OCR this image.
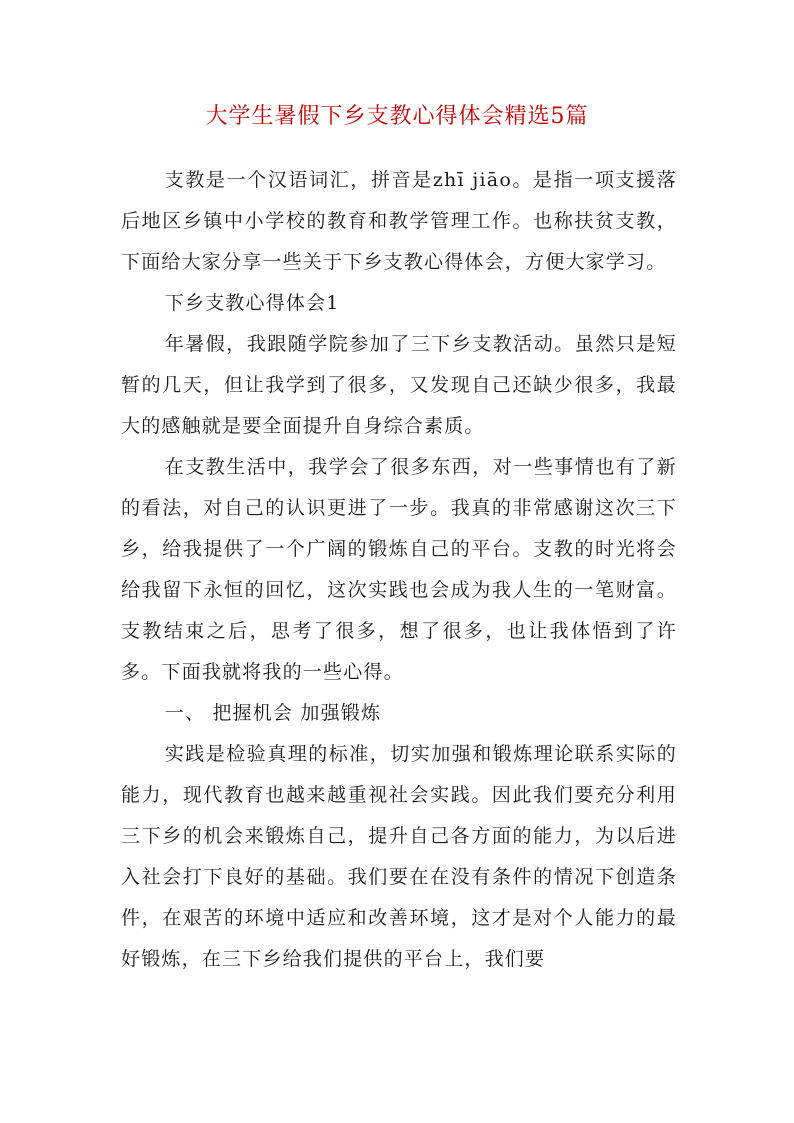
大学生暑假下乡支教心得体会精选5篇

支教是一个汉语词汇，拼音是zhī jiāo。是指一项支援落后地区乡镇中小学校的教育和教学管理工作。也称扶贫支教，下面给大家分享一些关于下乡支教心得体会，方便大家学习。

下乡支教心得体会1

年暑假，我跟随学院参加了三下乡支教活动。虽然只是短暂的几天，但让我学到了很多，又发现自己还缺少很多，我最大的感触就是要全面提升自身综合素质。

在支教生活中，我学会了很多东西，对一些事情也有了新的看法，对自己的认识更进了一步。我真的非常感谢这次三下乡，给我提供了一个广阔的锻炼自己的平台。支教的时光将会给我留下永恒的回忆，这次实践也会成为我人生的一笔财富。支教结束之后，思考了很多，想了很多，也让我体悟到了许多。下面我就将我的一些心得。

一、 把握机会 加强锻炼

实践是检验真理的标准，切实加强和锻炼理论联系实际的能力，现代教育也越来越重视社会实践。因此我们要充分利用三下乡的机会来锻炼自己，提升自己各方面的能力，为以后进入社会打下良好的基础。我们要在在没有条件的情况下创造条件，在艰苦的环境中适应和改善环境，这才是对个人能力的最好锻炼，在三下乡给我们提供的平台上，我们要
